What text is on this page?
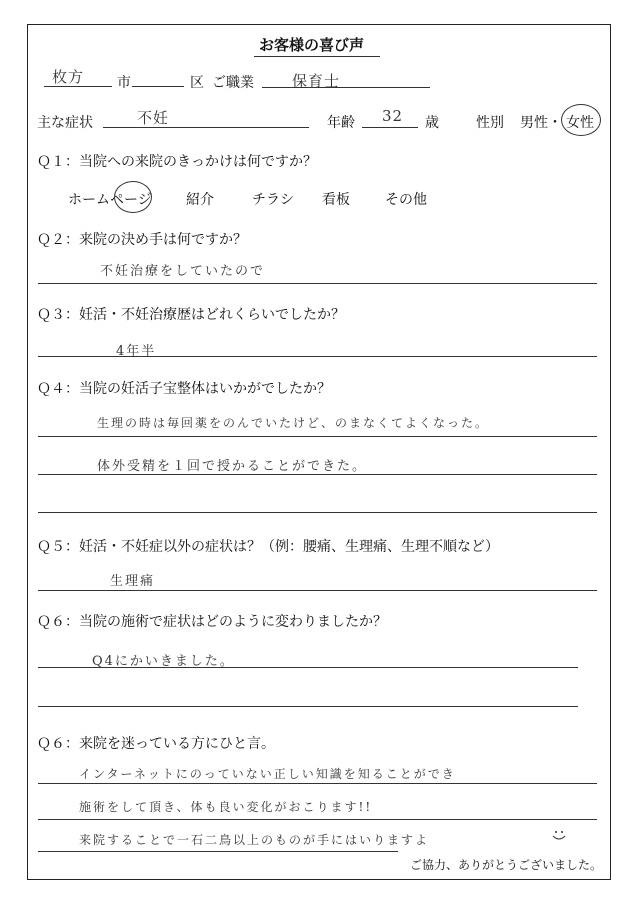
お客様の喜び声
枚方 市	区 ご職業	保育士
主な症状	不妊	年齢 32 歳	性別 男性・ 女性
Ｑ１：当院への来院のきっかけは何ですか？
ホームページ 紹介	チラシ 看板	その他
Ｑ２：来院の決め手は何ですか？
不妊治療をしていたので
Ｑ３：妊活・不妊治療歴はどれくらいでしたか？
4年半
Ｑ４：当院の妊活子宝整体はいかがでしたか？
生理の時は毎回薬をのんでいたけど、のまなくてよくなった。
体外受精を１回で授かることができた。
Ｑ５：妊活・不妊症以外の症状は？（例：腰痛、生理痛、生理不順など）
生理痛
Ｑ６：当院の施術で症状はどのように変わりましたか？
Q4にかいきました。
Ｑ６：来院を迷っている方にひと言。
インターネットにのっていない正しい知識を知ることができ
施術をして頂き、体も良い変化がおこります!!
来院することで一石二鳥以上のものが手にはいりますよ
ご協力、ありがとうございました。
